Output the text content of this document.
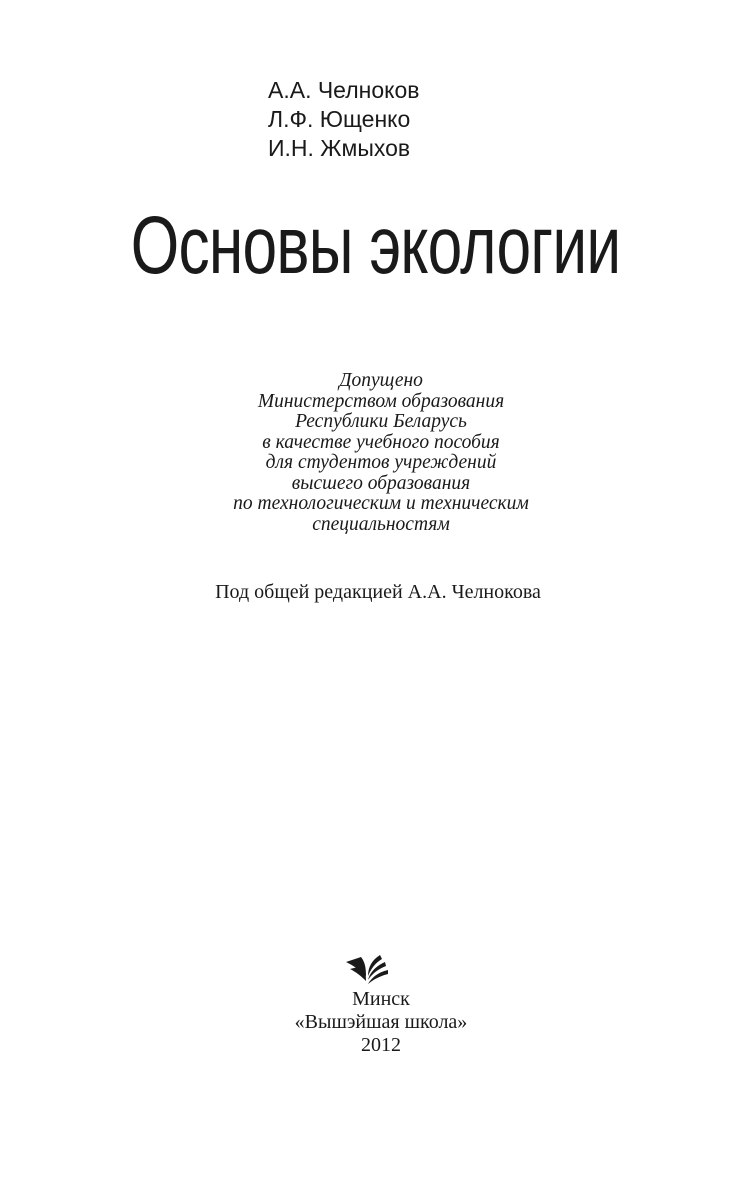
А.А. Челноков
Л.Ф. Ющенко
И.Н. Жмыхов
Основы экологии
Допущено
Министерством образования
Республики Беларусь
в качестве учебного пособия
для студентов учреждений
высшего образования
по технологическим и техническим
специальностям
Под общей редакцией А.А. Челнокова
Минск
«Вышэйшая школа»
2012
